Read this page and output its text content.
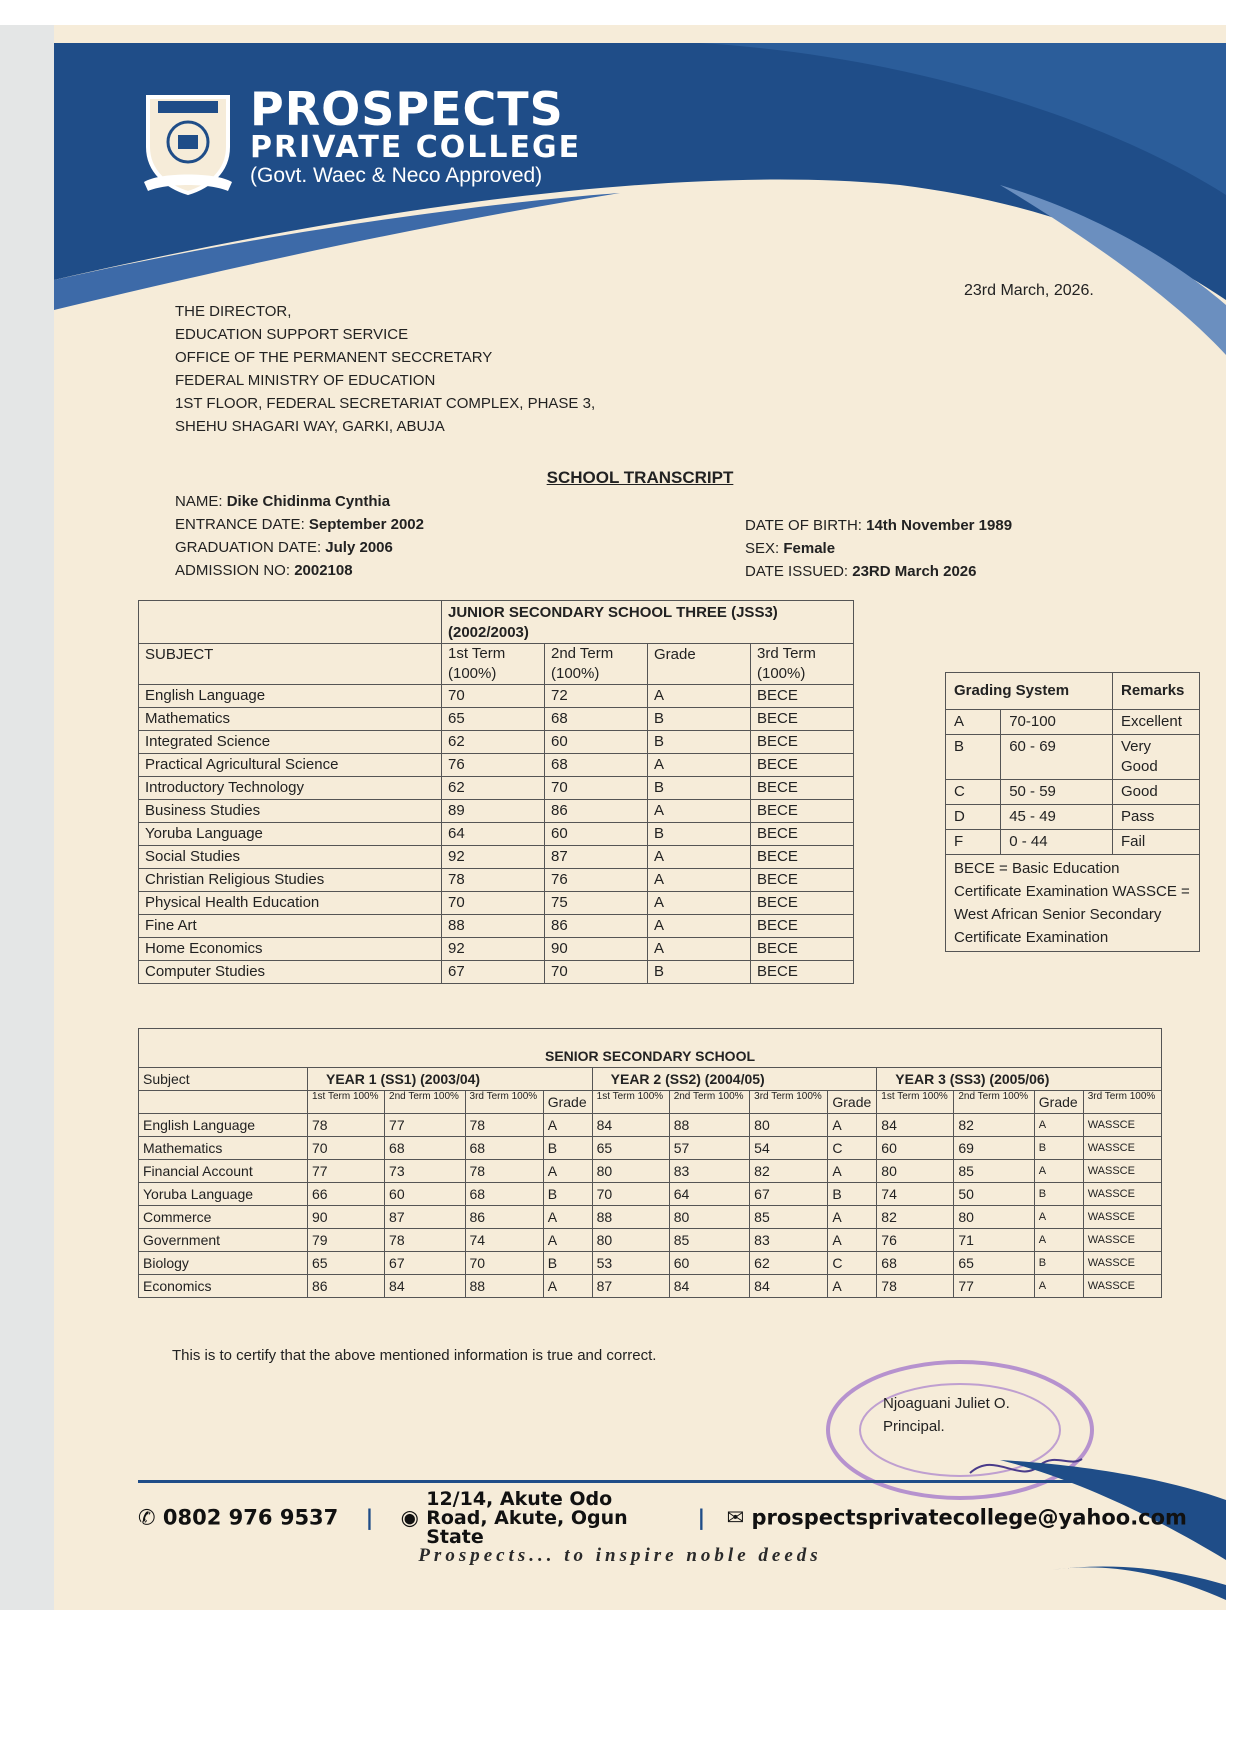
PROSPECTS
PRIVATE COLLEGE
(Govt. Waec & Neco Approved)
23rd March, 2026.
THE DIRECTOR,
EDUCATION SUPPORT SERVICE
OFFICE OF THE PERMANENT SECCRETARY
FEDERAL MINISTRY OF EDUCATION
1ST FLOOR, FEDERAL SECRETARIAT COMPLEX, PHASE 3,
SHEHU SHAGARI WAY, GARKI, ABUJA
SCHOOL TRANSCRIPT
NAME: Dike Chidinma Cynthia
ENTRANCE DATE: September 2002
GRADUATION DATE: July 2006
ADMISSION NO: 2002108
DATE OF BIRTH: 14th November 1989
SEX: Female
DATE ISSUED: 23RD March 2026
	JUNIOR SECONDARY SCHOOL THREE (JSS3) (2002/2003)			
SUBJECT	1st Term (100%)	2nd Term (100%)	Grade	3rd Term (100%)
English Language	70	72	A	BECE
Mathematics	65	68	B	BECE
Integrated Science	62	60	B	BECE
Practical Agricultural Science	76	68	A	BECE
Introductory Technology	62	70	B	BECE
Business Studies	89	86	A	BECE
Yoruba Language	64	60	B	BECE
Social Studies	92	87	A	BECE
Christian Religious Studies	78	76	A	BECE
Physical Health Education	70	75	A	BECE
Fine Art	88	86	A	BECE
Home Economics	92	90	A	BECE
Computer Studies	67	70	B	BECE
Grading System		Remarks
A	70-100	Excellent
B	60 - 69	Very Good
C	50 - 59	Good
D	45 - 49	Pass
F	0 - 44	Fail
BECE = Basic Education Certificate Examination WASSCE = West African Senior Secondary Certificate Examination		
SENIOR SECONDARY SCHOOL												
Subject	YEAR 1 (SS1) (2003/04)				YEAR 2 (SS2) (2004/05)				YEAR 3 (SS3) (2005/06)			
	1st Term 100%	2nd Term 100%	3rd Term 100%	Grade	1st Term 100%	2nd Term 100%	3rd Term 100%	Grade	1st Term 100%	2nd Term 100%	Grade	3rd Term 100%
English Language	78	77	78	A	84	88	80	A	84	82	A	WASSCE
Mathematics	70	68	68	B	65	57	54	C	60	69	B	WASSCE
Financial Account	77	73	78	A	80	83	82	A	80	85	A	WASSCE
Yoruba Language	66	60	68	B	70	64	67	B	74	50	B	WASSCE
Commerce	90	87	86	A	88	80	85	A	82	80	A	WASSCE
Government	79	78	74	A	80	85	83	A	76	71	A	WASSCE
Biology	65	67	70	B	53	60	62	C	68	65	B	WASSCE
Economics	86	84	88	A	87	84	84	A	78	77	A	WASSCE
This is to certify that the above mentioned information is true and correct.
Njoaguani Juliet O.
Principal.
✆ 0802 976 9537 | ◉ 12/14, Akute Odo Road, Akute, Ogun State | ✉ prospectsprivatecollege@yahoo.com
Prospects... to inspire noble deeds
